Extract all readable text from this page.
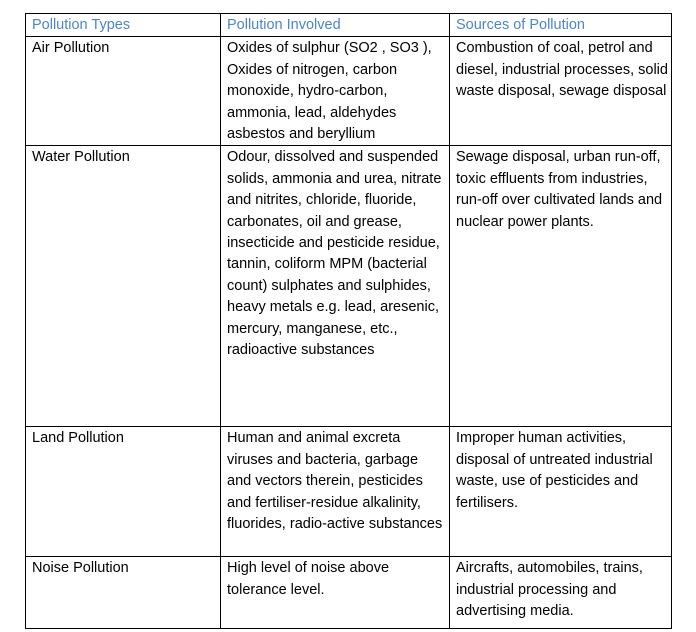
Pollution Types	Pollution Involved	Sources of Pollution
Air Pollution	Oxides of sulphur (SO2 , SO3 ), Oxides of nitrogen, carbon monoxide, hydro-carbon, ammonia, lead, aldehydes asbestos and beryllium	Combustion of coal, petrol and diesel, industrial processes, solid waste disposal, sewage disposal
Water Pollution	Odour, dissolved and suspended solids, ammonia and urea, nitrate and nitrites, chloride, fluoride, carbonates, oil and grease, insecticide and pesticide residue, tannin, coliform MPM (bacterial count) sulphates and sulphides, heavy metals e.g. lead, aresenic, mercury, manganese, etc., radioactive substances	Sewage disposal, urban run-off, toxic effluents from industries, run-off over cultivated lands and nuclear power plants.
Land Pollution	Human and animal excreta viruses and bacteria, garbage and vectors therein, pesticides and fertiliser-residue alkalinity, fluorides, radio-active substances	Improper human activities, disposal of untreated industrial waste, use of pesticides and fertilisers.
Noise Pollution	High level of noise above tolerance level.	Aircrafts, automobiles, trains, industrial processing and advertising media.
